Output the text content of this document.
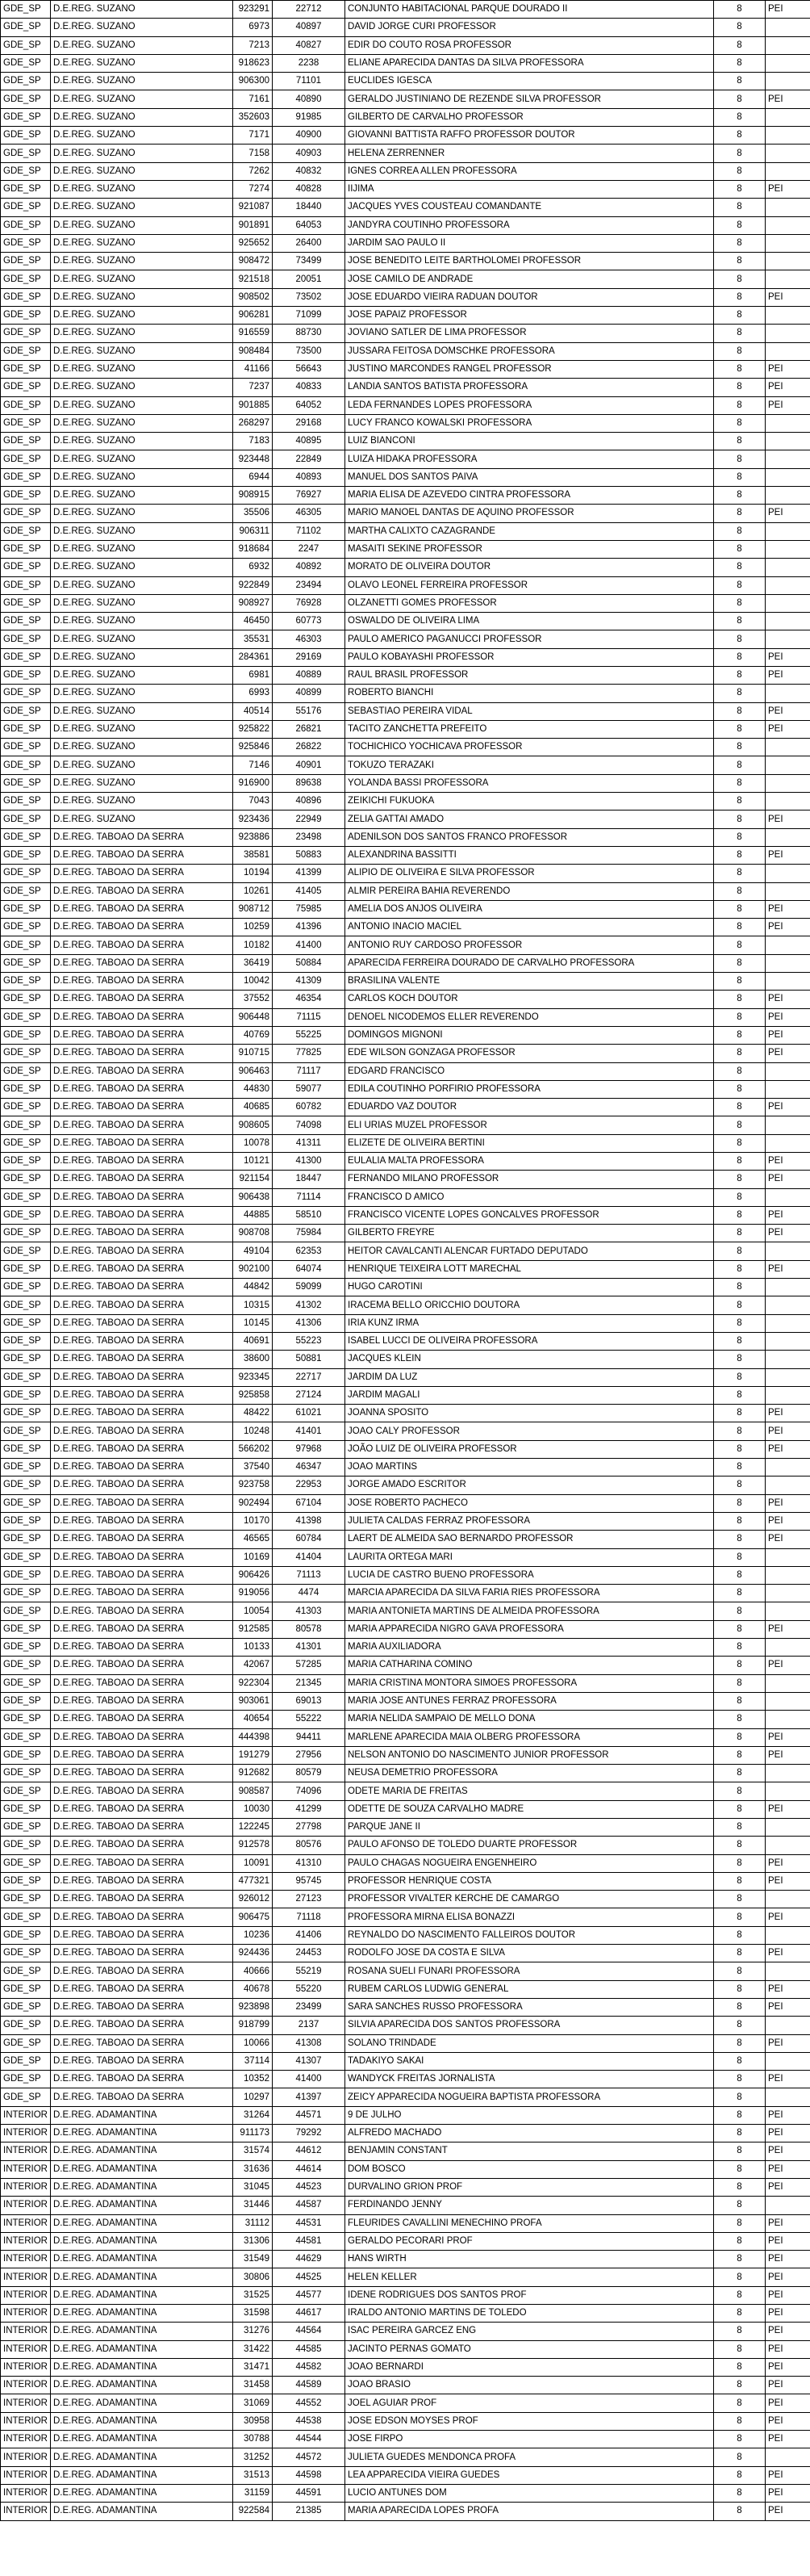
GDE_SP	D.E.REG. SUZANO	923291	22712	CONJUNTO HABITACIONAL PARQUE DOURADO II	8	PEI
GDE_SP	D.E.REG. SUZANO	6973	40897	DAVID JORGE CURI PROFESSOR	8	
GDE_SP	D.E.REG. SUZANO	7213	40827	EDIR DO COUTO ROSA PROFESSOR	8	
GDE_SP	D.E.REG. SUZANO	918623	2238	ELIANE APARECIDA DANTAS DA SILVA PROFESSORA	8	
GDE_SP	D.E.REG. SUZANO	906300	71101	EUCLIDES IGESCA	8	
GDE_SP	D.E.REG. SUZANO	7161	40890	GERALDO JUSTINIANO DE REZENDE SILVA PROFESSOR	8	PEI
GDE_SP	D.E.REG. SUZANO	352603	91985	GILBERTO DE CARVALHO PROFESSOR	8	
GDE_SP	D.E.REG. SUZANO	7171	40900	GIOVANNI BATTISTA RAFFO PROFESSOR DOUTOR	8	
GDE_SP	D.E.REG. SUZANO	7158	40903	HELENA ZERRENNER	8	
GDE_SP	D.E.REG. SUZANO	7262	40832	IGNES CORREA ALLEN PROFESSORA	8	
GDE_SP	D.E.REG. SUZANO	7274	40828	IIJIMA	8	PEI
GDE_SP	D.E.REG. SUZANO	921087	18440	JACQUES YVES COUSTEAU COMANDANTE	8	
GDE_SP	D.E.REG. SUZANO	901891	64053	JANDYRA COUTINHO PROFESSORA	8	
GDE_SP	D.E.REG. SUZANO	925652	26400	JARDIM SAO PAULO II	8	
GDE_SP	D.E.REG. SUZANO	908472	73499	JOSE BENEDITO LEITE BARTHOLOMEI PROFESSOR	8	
GDE_SP	D.E.REG. SUZANO	921518	20051	JOSE CAMILO DE ANDRADE	8	
GDE_SP	D.E.REG. SUZANO	908502	73502	JOSE EDUARDO VIEIRA RADUAN DOUTOR	8	PEI
GDE_SP	D.E.REG. SUZANO	906281	71099	JOSE PAPAIZ PROFESSOR	8	
GDE_SP	D.E.REG. SUZANO	916559	88730	JOVIANO SATLER DE LIMA PROFESSOR	8	
GDE_SP	D.E.REG. SUZANO	908484	73500	JUSSARA FEITOSA DOMSCHKE PROFESSORA	8	
GDE_SP	D.E.REG. SUZANO	41166	56643	JUSTINO MARCONDES RANGEL PROFESSOR	8	PEI
GDE_SP	D.E.REG. SUZANO	7237	40833	LANDIA SANTOS BATISTA PROFESSORA	8	PEI
GDE_SP	D.E.REG. SUZANO	901885	64052	LEDA FERNANDES LOPES PROFESSORA	8	PEI
GDE_SP	D.E.REG. SUZANO	268297	29168	LUCY FRANCO KOWALSKI PROFESSORA	8	
GDE_SP	D.E.REG. SUZANO	7183	40895	LUIZ BIANCONI	8	
GDE_SP	D.E.REG. SUZANO	923448	22849	LUIZA HIDAKA PROFESSORA	8	
GDE_SP	D.E.REG. SUZANO	6944	40893	MANUEL DOS SANTOS PAIVA	8	
GDE_SP	D.E.REG. SUZANO	908915	76927	MARIA ELISA DE AZEVEDO CINTRA PROFESSORA	8	
GDE_SP	D.E.REG. SUZANO	35506	46305	MARIO MANOEL DANTAS DE AQUINO PROFESSOR	8	PEI
GDE_SP	D.E.REG. SUZANO	906311	71102	MARTHA CALIXTO CAZAGRANDE	8	
GDE_SP	D.E.REG. SUZANO	918684	2247	MASAITI SEKINE PROFESSOR	8	
GDE_SP	D.E.REG. SUZANO	6932	40892	MORATO DE OLIVEIRA DOUTOR	8	
GDE_SP	D.E.REG. SUZANO	922849	23494	OLAVO LEONEL FERREIRA PROFESSOR	8	
GDE_SP	D.E.REG. SUZANO	908927	76928	OLZANETTI GOMES PROFESSOR	8	
GDE_SP	D.E.REG. SUZANO	46450	60773	OSWALDO DE OLIVEIRA LIMA	8	
GDE_SP	D.E.REG. SUZANO	35531	46303	PAULO AMERICO PAGANUCCI PROFESSOR	8	
GDE_SP	D.E.REG. SUZANO	284361	29169	PAULO KOBAYASHI PROFESSOR	8	PEI
GDE_SP	D.E.REG. SUZANO	6981	40889	RAUL BRASIL PROFESSOR	8	PEI
GDE_SP	D.E.REG. SUZANO	6993	40899	ROBERTO BIANCHI	8	
GDE_SP	D.E.REG. SUZANO	40514	55176	SEBASTIAO PEREIRA VIDAL	8	PEI
GDE_SP	D.E.REG. SUZANO	925822	26821	TACITO ZANCHETTA PREFEITO	8	PEI
GDE_SP	D.E.REG. SUZANO	925846	26822	TOCHICHICO YOCHICAVA PROFESSOR	8	
GDE_SP	D.E.REG. SUZANO	7146	40901	TOKUZO TERAZAKI	8	
GDE_SP	D.E.REG. SUZANO	916900	89638	YOLANDA BASSI PROFESSORA	8	
GDE_SP	D.E.REG. SUZANO	7043	40896	ZEIKICHI FUKUOKA	8	
GDE_SP	D.E.REG. SUZANO	923436	22949	ZELIA GATTAI AMADO	8	PEI
GDE_SP	D.E.REG. TABOAO DA SERRA	923886	23498	ADENILSON DOS SANTOS FRANCO PROFESSOR	8	
GDE_SP	D.E.REG. TABOAO DA SERRA	38581	50883	ALEXANDRINA BASSITTI	8	PEI
GDE_SP	D.E.REG. TABOAO DA SERRA	10194	41399	ALIPIO DE OLIVEIRA E SILVA PROFESSOR	8	
GDE_SP	D.E.REG. TABOAO DA SERRA	10261	41405	ALMIR PEREIRA BAHIA REVERENDO	8	
GDE_SP	D.E.REG. TABOAO DA SERRA	908712	75985	AMELIA DOS ANJOS OLIVEIRA	8	PEI
GDE_SP	D.E.REG. TABOAO DA SERRA	10259	41396	ANTONIO INACIO MACIEL	8	PEI
GDE_SP	D.E.REG. TABOAO DA SERRA	10182	41400	ANTONIO RUY CARDOSO PROFESSOR	8	
GDE_SP	D.E.REG. TABOAO DA SERRA	36419	50884	APARECIDA FERREIRA DOURADO DE CARVALHO PROFESSORA	8	
GDE_SP	D.E.REG. TABOAO DA SERRA	10042	41309	BRASILINA VALENTE	8	
GDE_SP	D.E.REG. TABOAO DA SERRA	37552	46354	CARLOS KOCH DOUTOR	8	PEI
GDE_SP	D.E.REG. TABOAO DA SERRA	906448	71115	DENOEL NICODEMOS ELLER REVERENDO	8	PEI
GDE_SP	D.E.REG. TABOAO DA SERRA	40769	55225	DOMINGOS MIGNONI	8	PEI
GDE_SP	D.E.REG. TABOAO DA SERRA	910715	77825	EDE WILSON GONZAGA PROFESSOR	8	PEI
GDE_SP	D.E.REG. TABOAO DA SERRA	906463	71117	EDGARD FRANCISCO	8	
GDE_SP	D.E.REG. TABOAO DA SERRA	44830	59077	EDILA COUTINHO PORFIRIO PROFESSORA	8	
GDE_SP	D.E.REG. TABOAO DA SERRA	40685	60782	EDUARDO VAZ DOUTOR	8	PEI
GDE_SP	D.E.REG. TABOAO DA SERRA	908605	74098	ELI URIAS MUZEL PROFESSOR	8	
GDE_SP	D.E.REG. TABOAO DA SERRA	10078	41311	ELIZETE DE OLIVEIRA BERTINI	8	
GDE_SP	D.E.REG. TABOAO DA SERRA	10121	41300	EULALIA MALTA PROFESSORA	8	PEI
GDE_SP	D.E.REG. TABOAO DA SERRA	921154	18447	FERNANDO MILANO PROFESSOR	8	PEI
GDE_SP	D.E.REG. TABOAO DA SERRA	906438	71114	FRANCISCO D AMICO	8	
GDE_SP	D.E.REG. TABOAO DA SERRA	44885	58510	FRANCISCO VICENTE LOPES GONCALVES PROFESSOR	8	PEI
GDE_SP	D.E.REG. TABOAO DA SERRA	908708	75984	GILBERTO FREYRE	8	PEI
GDE_SP	D.E.REG. TABOAO DA SERRA	49104	62353	HEITOR CAVALCANTI ALENCAR FURTADO DEPUTADO	8	
GDE_SP	D.E.REG. TABOAO DA SERRA	902100	64074	HENRIQUE TEIXEIRA LOTT MARECHAL	8	PEI
GDE_SP	D.E.REG. TABOAO DA SERRA	44842	59099	HUGO CAROTINI	8	
GDE_SP	D.E.REG. TABOAO DA SERRA	10315	41302	IRACEMA BELLO ORICCHIO DOUTORA	8	
GDE_SP	D.E.REG. TABOAO DA SERRA	10145	41306	IRIA KUNZ IRMA	8	
GDE_SP	D.E.REG. TABOAO DA SERRA	40691	55223	ISABEL LUCCI DE OLIVEIRA PROFESSORA	8	
GDE_SP	D.E.REG. TABOAO DA SERRA	38600	50881	JACQUES KLEIN	8	
GDE_SP	D.E.REG. TABOAO DA SERRA	923345	22717	JARDIM DA LUZ	8	
GDE_SP	D.E.REG. TABOAO DA SERRA	925858	27124	JARDIM MAGALI	8	
GDE_SP	D.E.REG. TABOAO DA SERRA	48422	61021	JOANNA SPOSITO	8	PEI
GDE_SP	D.E.REG. TABOAO DA SERRA	10248	41401	JOAO CALY PROFESSOR	8	PEI
GDE_SP	D.E.REG. TABOAO DA SERRA	566202	97968	JOÃO LUIZ DE OLIVEIRA PROFESSOR	8	PEI
GDE_SP	D.E.REG. TABOAO DA SERRA	37540	46347	JOAO MARTINS	8	
GDE_SP	D.E.REG. TABOAO DA SERRA	923758	22953	JORGE AMADO ESCRITOR	8	
GDE_SP	D.E.REG. TABOAO DA SERRA	902494	67104	JOSE ROBERTO PACHECO	8	PEI
GDE_SP	D.E.REG. TABOAO DA SERRA	10170	41398	JULIETA CALDAS FERRAZ PROFESSORA	8	PEI
GDE_SP	D.E.REG. TABOAO DA SERRA	46565	60784	LAERT DE ALMEIDA SAO BERNARDO PROFESSOR	8	PEI
GDE_SP	D.E.REG. TABOAO DA SERRA	10169	41404	LAURITA ORTEGA MARI	8	
GDE_SP	D.E.REG. TABOAO DA SERRA	906426	71113	LUCIA DE CASTRO BUENO PROFESSORA	8	
GDE_SP	D.E.REG. TABOAO DA SERRA	919056	4474	MARCIA APARECIDA DA SILVA FARIA RIES PROFESSORA	8	
GDE_SP	D.E.REG. TABOAO DA SERRA	10054	41303	MARIA ANTONIETA MARTINS DE ALMEIDA PROFESSORA	8	
GDE_SP	D.E.REG. TABOAO DA SERRA	912585	80578	MARIA APPARECIDA NIGRO GAVA PROFESSORA	8	PEI
GDE_SP	D.E.REG. TABOAO DA SERRA	10133	41301	MARIA AUXILIADORA	8	
GDE_SP	D.E.REG. TABOAO DA SERRA	42067	57285	MARIA CATHARINA COMINO	8	PEI
GDE_SP	D.E.REG. TABOAO DA SERRA	922304	21345	MARIA CRISTINA MONTORA SIMOES PROFESSORA	8	
GDE_SP	D.E.REG. TABOAO DA SERRA	903061	69013	MARIA JOSE ANTUNES FERRAZ PROFESSORA	8	
GDE_SP	D.E.REG. TABOAO DA SERRA	40654	55222	MARIA NELIDA SAMPAIO DE MELLO DONA	8	
GDE_SP	D.E.REG. TABOAO DA SERRA	444398	94411	MARLENE APARECIDA MAIA OLBERG PROFESSORA	8	PEI
GDE_SP	D.E.REG. TABOAO DA SERRA	191279	27956	NELSON ANTONIO DO NASCIMENTO JUNIOR PROFESSOR	8	PEI
GDE_SP	D.E.REG. TABOAO DA SERRA	912682	80579	NEUSA DEMETRIO PROFESSORA	8	
GDE_SP	D.E.REG. TABOAO DA SERRA	908587	74096	ODETE MARIA DE FREITAS	8	
GDE_SP	D.E.REG. TABOAO DA SERRA	10030	41299	ODETTE DE SOUZA CARVALHO MADRE	8	PEI
GDE_SP	D.E.REG. TABOAO DA SERRA	122245	27798	PARQUE JANE II	8	
GDE_SP	D.E.REG. TABOAO DA SERRA	912578	80576	PAULO AFONSO DE TOLEDO DUARTE PROFESSOR	8	
GDE_SP	D.E.REG. TABOAO DA SERRA	10091	41310	PAULO CHAGAS NOGUEIRA ENGENHEIRO	8	PEI
GDE_SP	D.E.REG. TABOAO DA SERRA	477321	95745	PROFESSOR HENRIQUE COSTA	8	PEI
GDE_SP	D.E.REG. TABOAO DA SERRA	926012	27123	PROFESSOR VIVALTER KERCHE DE CAMARGO	8	
GDE_SP	D.E.REG. TABOAO DA SERRA	906475	71118	PROFESSORA MIRNA ELISA BONAZZI	8	PEI
GDE_SP	D.E.REG. TABOAO DA SERRA	10236	41406	REYNALDO DO NASCIMENTO FALLEIROS DOUTOR	8	
GDE_SP	D.E.REG. TABOAO DA SERRA	924436	24453	RODOLFO JOSE DA COSTA E SILVA	8	PEI
GDE_SP	D.E.REG. TABOAO DA SERRA	40666	55219	ROSANA SUELI FUNARI PROFESSORA	8	
GDE_SP	D.E.REG. TABOAO DA SERRA	40678	55220	RUBEM CARLOS LUDWIG GENERAL	8	PEI
GDE_SP	D.E.REG. TABOAO DA SERRA	923898	23499	SARA SANCHES RUSSO PROFESSORA	8	PEI
GDE_SP	D.E.REG. TABOAO DA SERRA	918799	2137	SILVIA APARECIDA DOS SANTOS PROFESSORA	8	
GDE_SP	D.E.REG. TABOAO DA SERRA	10066	41308	SOLANO TRINDADE	8	PEI
GDE_SP	D.E.REG. TABOAO DA SERRA	37114	41307	TADAKIYO SAKAI	8	
GDE_SP	D.E.REG. TABOAO DA SERRA	10352	41400	WANDYCK FREITAS JORNALISTA	8	PEI
GDE_SP	D.E.REG. TABOAO DA SERRA	10297	41397	ZEICY APPARECIDA NOGUEIRA BAPTISTA PROFESSORA	8	
INTERIOR	D.E.REG. ADAMANTINA	31264	44571	9 DE JULHO	8	PEI
INTERIOR	D.E.REG. ADAMANTINA	911173	79292	ALFREDO MACHADO	8	PEI
INTERIOR	D.E.REG. ADAMANTINA	31574	44612	BENJAMIN CONSTANT	8	PEI
INTERIOR	D.E.REG. ADAMANTINA	31636	44614	DOM BOSCO	8	PEI
INTERIOR	D.E.REG. ADAMANTINA	31045	44523	DURVALINO GRION PROF	8	PEI
INTERIOR	D.E.REG. ADAMANTINA	31446	44587	FERDINANDO JENNY	8	
INTERIOR	D.E.REG. ADAMANTINA	31112	44531	FLEURIDES CAVALLINI MENECHINO PROFA	8	PEI
INTERIOR	D.E.REG. ADAMANTINA	31306	44581	GERALDO PECORARI PROF	8	PEI
INTERIOR	D.E.REG. ADAMANTINA	31549	44629	HANS WIRTH	8	PEI
INTERIOR	D.E.REG. ADAMANTINA	30806	44525	HELEN KELLER	8	PEI
INTERIOR	D.E.REG. ADAMANTINA	31525	44577	IDENE RODRIGUES DOS SANTOS PROF	8	PEI
INTERIOR	D.E.REG. ADAMANTINA	31598	44617	IRALDO ANTONIO MARTINS DE TOLEDO	8	PEI
INTERIOR	D.E.REG. ADAMANTINA	31276	44564	ISAC PEREIRA GARCEZ ENG	8	PEI
INTERIOR	D.E.REG. ADAMANTINA	31422	44585	JACINTO PERNAS GOMATO	8	PEI
INTERIOR	D.E.REG. ADAMANTINA	31471	44582	JOAO BERNARDI	8	PEI
INTERIOR	D.E.REG. ADAMANTINA	31458	44589	JOAO BRASIO	8	PEI
INTERIOR	D.E.REG. ADAMANTINA	31069	44552	JOEL AGUIAR PROF	8	PEI
INTERIOR	D.E.REG. ADAMANTINA	30958	44538	JOSE EDSON MOYSES PROF	8	PEI
INTERIOR	D.E.REG. ADAMANTINA	30788	44544	JOSE FIRPO	8	PEI
INTERIOR	D.E.REG. ADAMANTINA	31252	44572	JULIETA GUEDES MENDONCA PROFA	8	
INTERIOR	D.E.REG. ADAMANTINA	31513	44598	LEA APPARECIDA VIEIRA GUEDES	8	PEI
INTERIOR	D.E.REG. ADAMANTINA	31159	44591	LUCIO ANTUNES DOM	8	PEI
INTERIOR	D.E.REG. ADAMANTINA	922584	21385	MARIA APARECIDA LOPES PROFA	8	PEI
